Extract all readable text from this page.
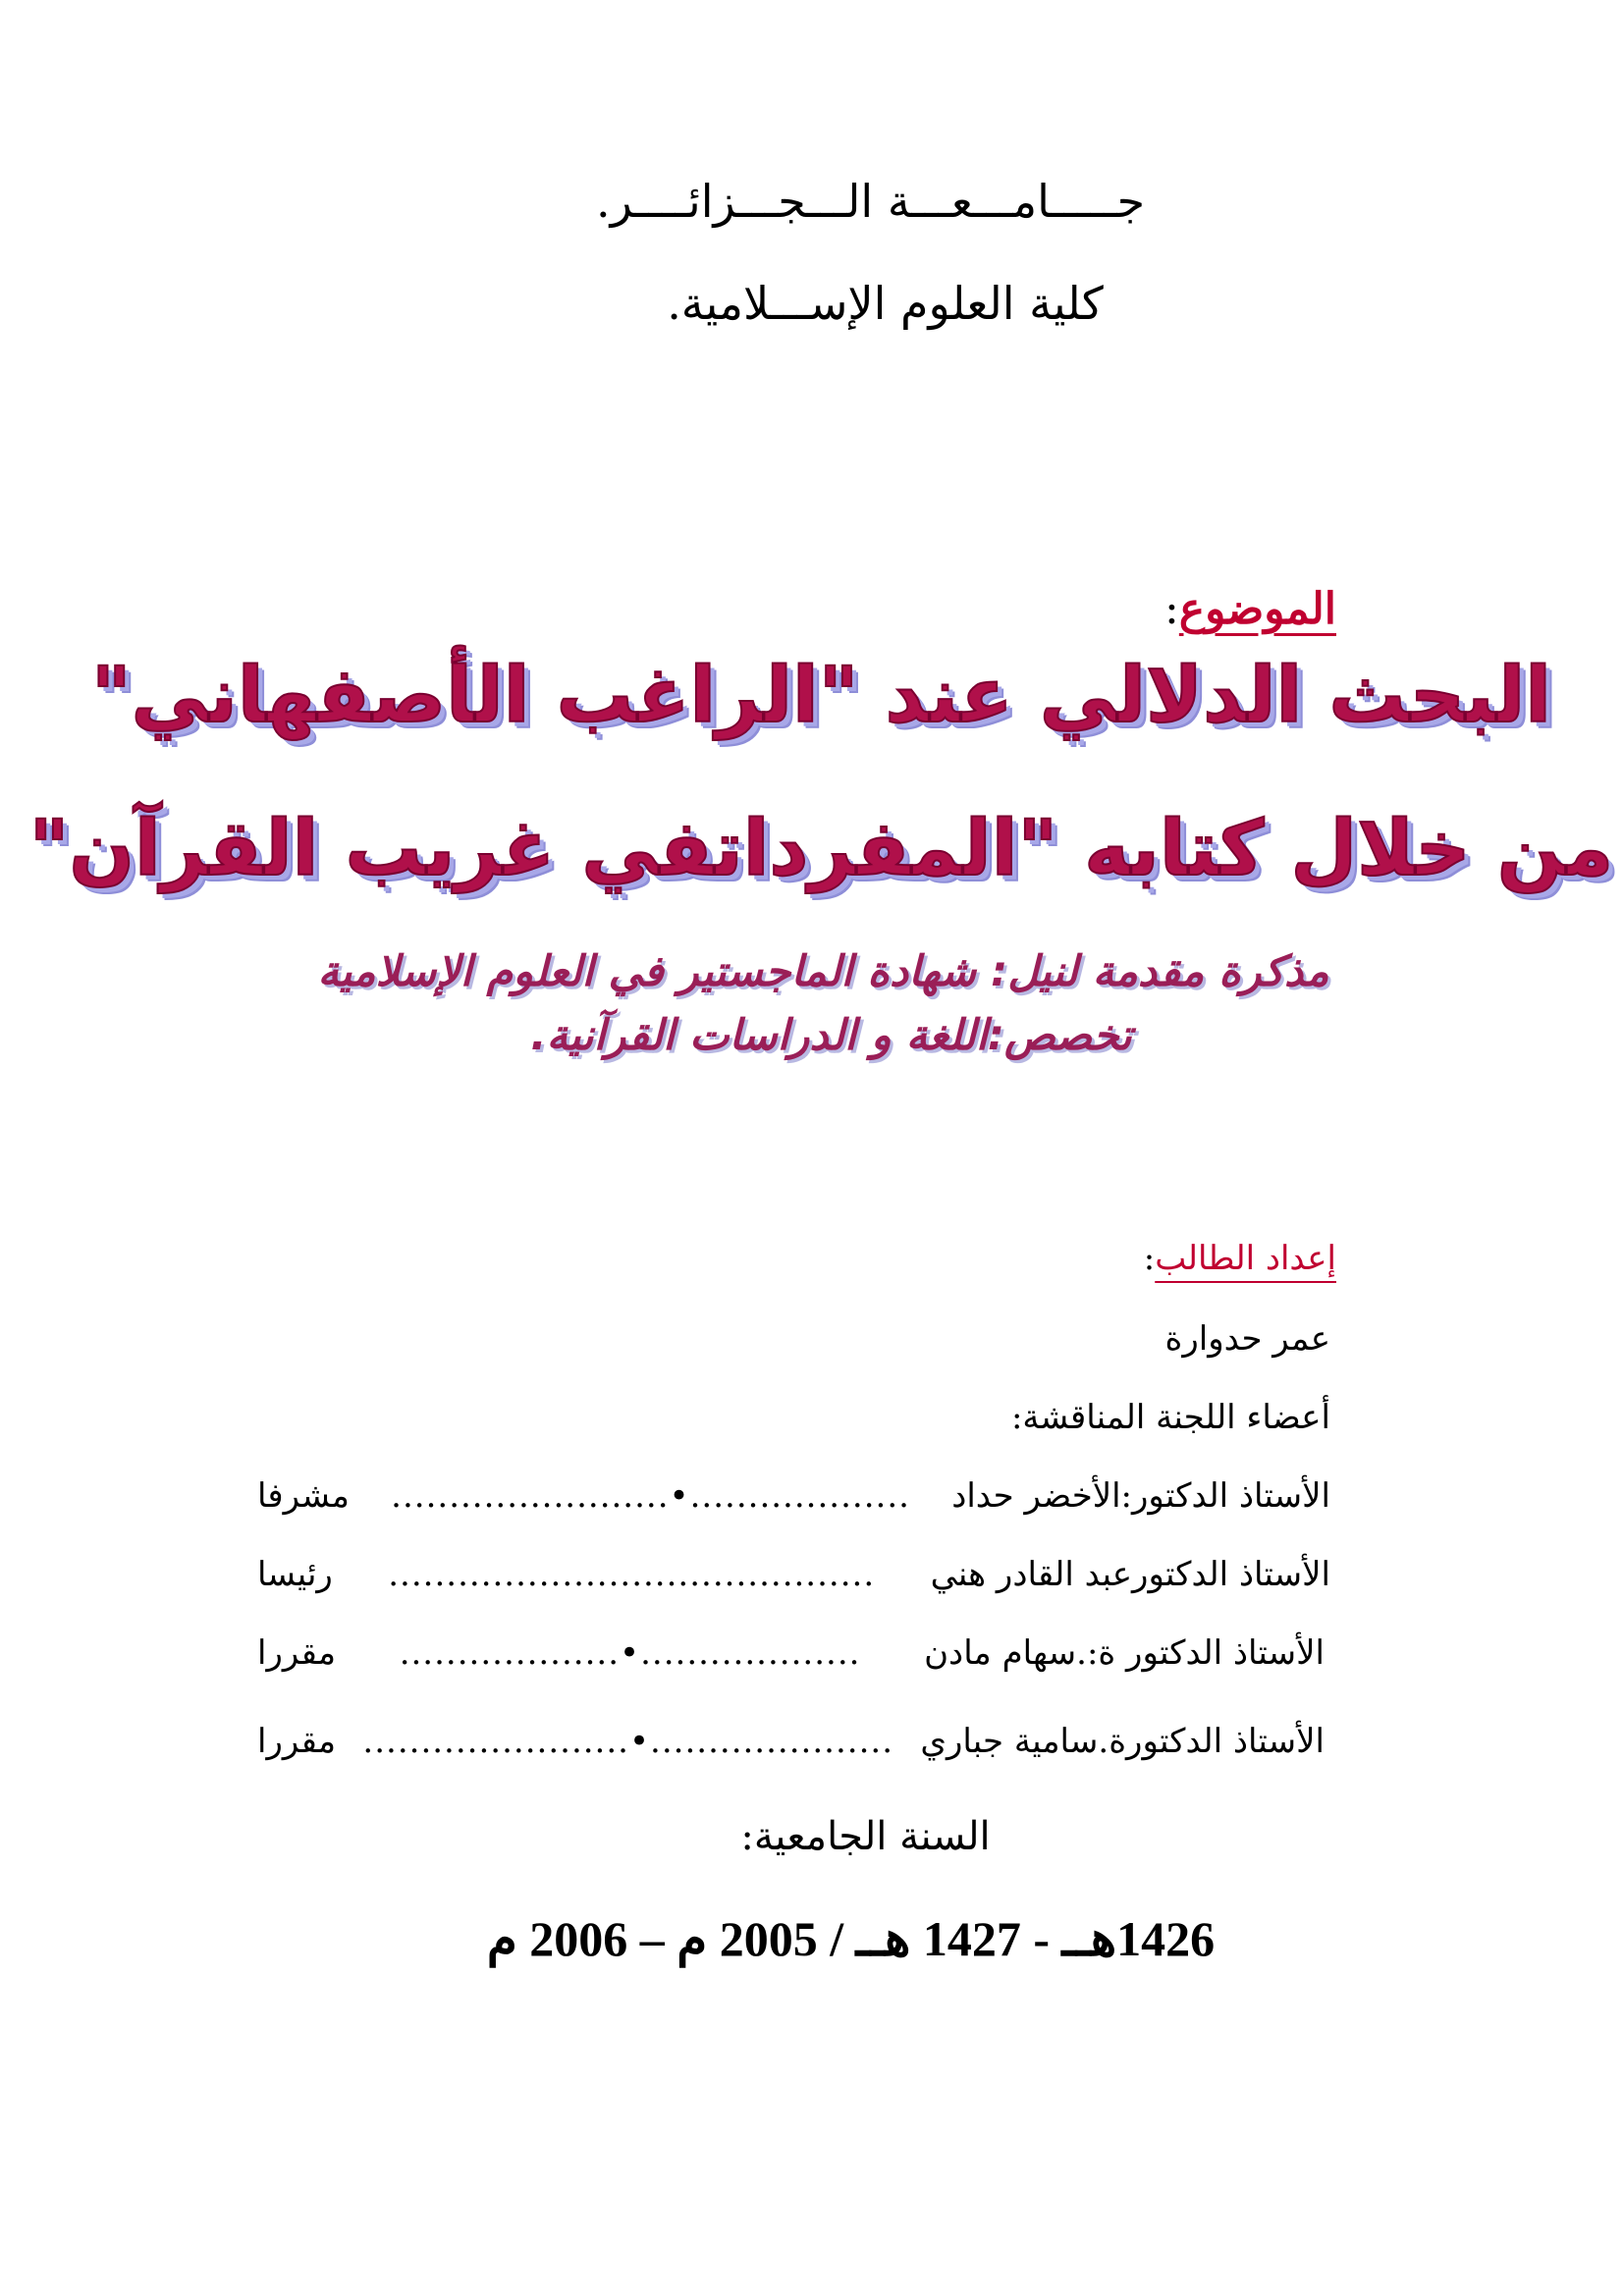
جـــــامـــعـــة الـــجـــزائــــر.
كلية العلوم الإســـلامية.
الموضوع:
البحث الدلالي عند "الراغب الأصفهاني"
من خلال كتابه "المفرداتفي غريب القرآن"
مذكرة مقدمة لنيل: شهادة الماجستير في العلوم الإسلامية
تخصص:اللغة و الدراسات القرآنية.
إعداد الطالب:
عمر حدوارة
أعضاء اللجنة المناقشة:
الأستاذ الدكتور:الأخضر حداد
........................•...................
مشرفا
الأستاذ الدكتورعبد القادر هني
..........................................
رئيسا
الأستاذ الدكتور ة:.سهام مادن
...................•...................
مقررا
الأستاذ الدكتورة.سامية جباري
.......................•.....................
مقررا
السنة الجامعية:
1426هــ - 1427 هــ / 2005 م – 2006 م
